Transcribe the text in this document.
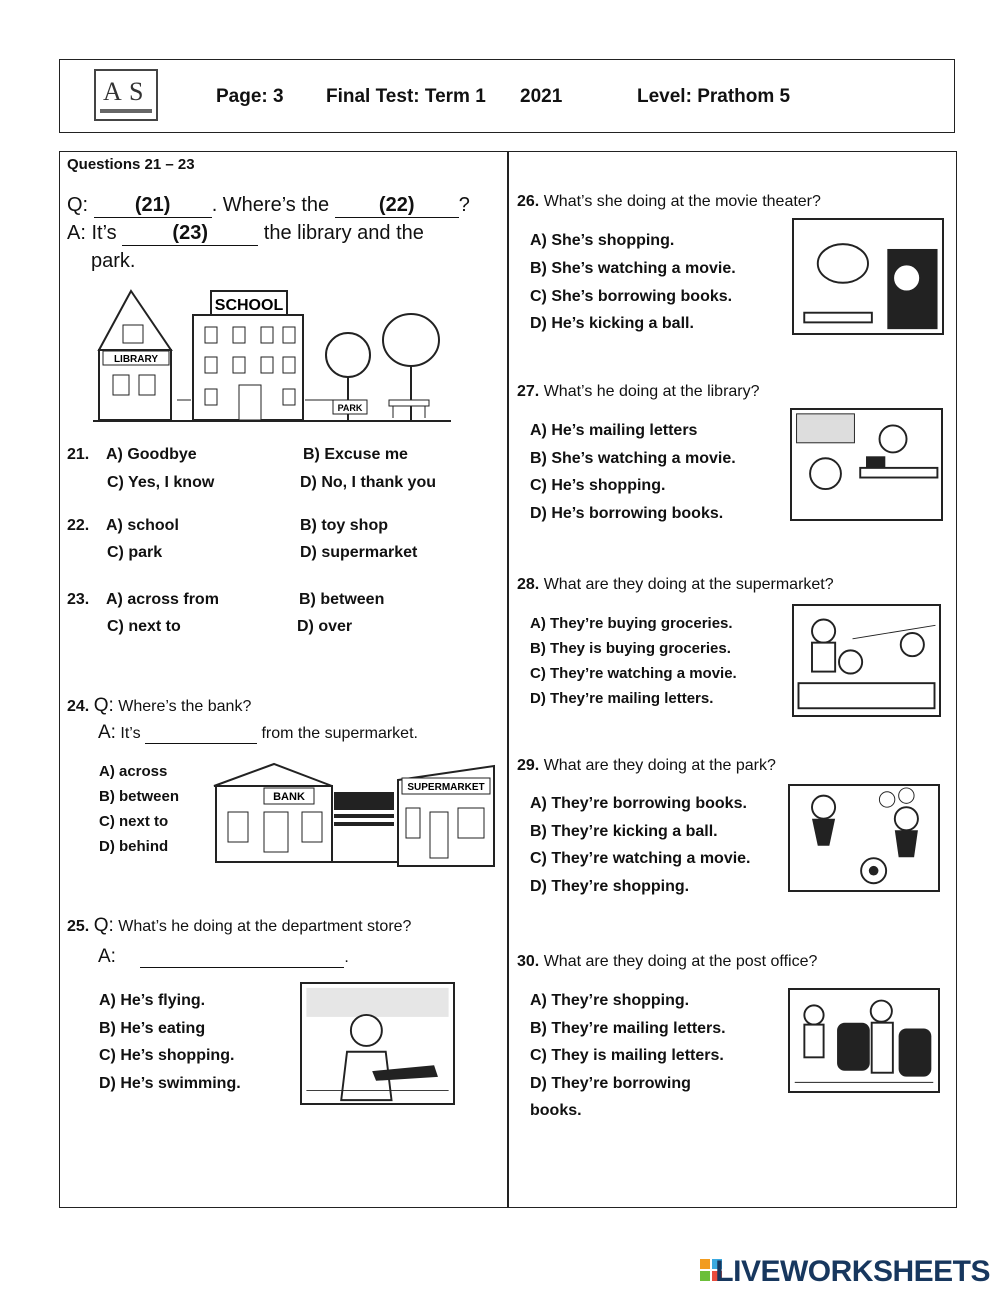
A S	Page: 3 Final Test: Term 1 2021	Level: Prathom 5
Questions 21 – 23
Q: (21) . Where’s the (22) ?
A: It’s	(23)	the library and the
park.
LIBRARY
SCHOOL
PARK
21. A) Goodbye	B) Excuse me
C) Yes, I know	D) No, I thank you
22. A) school	B) toy shop
C) park	D) supermarket
23. A) across from	B) between
C) next to	D) over
24. Q: Where’s the bank?
A: It’s	from the supermarket.
A) across
B) between
C) next to
D) behind
BANK
SUPERMARKET
25. Q: What’s he doing at the department store?
A:	.
A) He’s flying.
B) He’s eating
C) He’s shopping.
D) He’s swimming.
26. What’s she doing at the movie theater?
A) She’s shopping.
B) She’s watching a movie.
C) She’s borrowing books.
D) He’s kicking a ball.
27. What’s he doing at the library?
A) He’s mailing letters
B) She’s watching a movie.
C) He’s shopping.
D) He’s borrowing books.
28. What are they doing at the supermarket?
A) They’re buying groceries.
B) They is buying groceries.
C) They’re watching a movie.
D) They’re mailing letters.
29. What are they doing at the park?
A) They’re borrowing books.
B) They’re kicking a ball.
C) They’re watching a movie.
D) They’re shopping.
30. What are they doing at the post office?
A) They’re shopping.
B) They’re mailing letters.
C) They is mailing letters.
D) They’re borrowing
books.
LIVEWORKSHEETS
